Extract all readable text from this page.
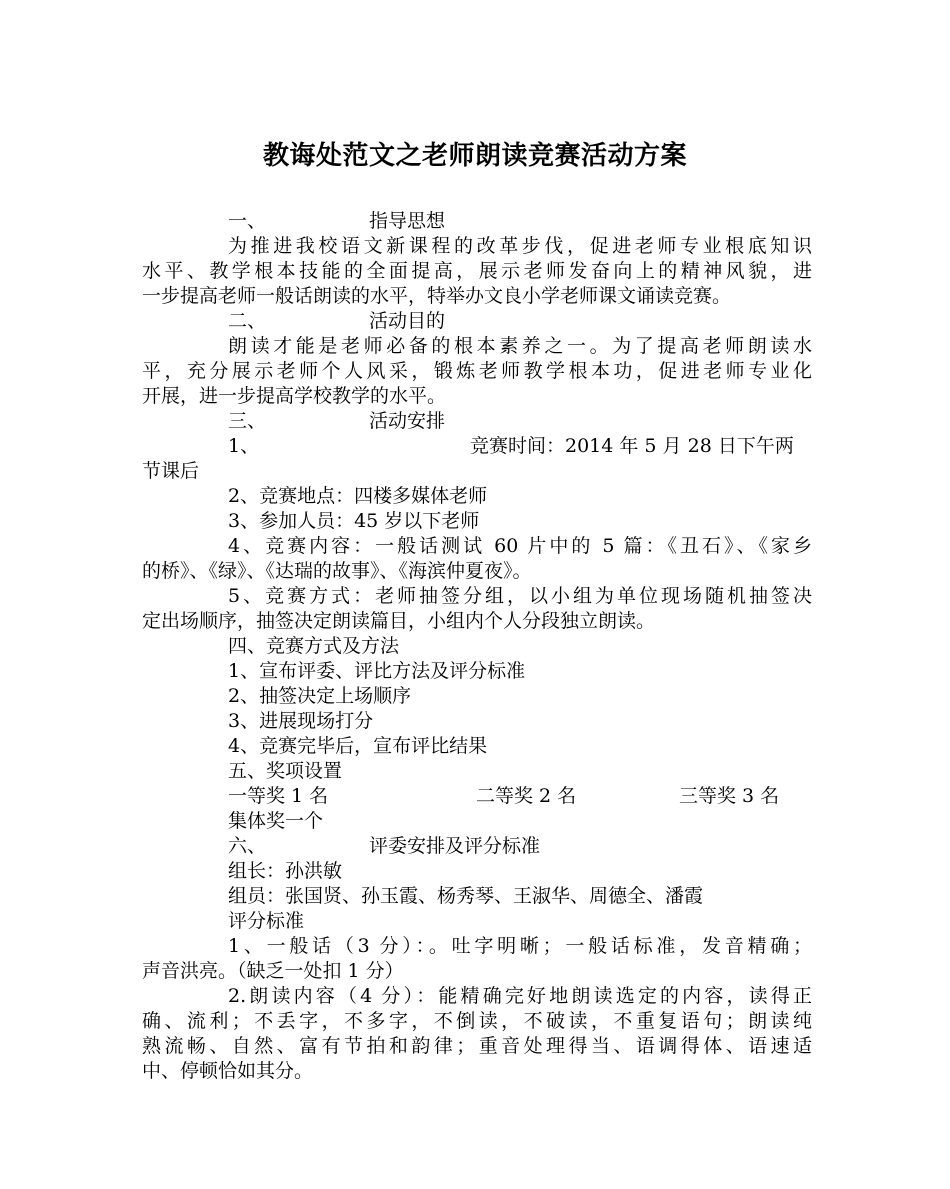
教诲处范文之老师朗读竞赛活动方案
一、	指导思想
为推进我校语文新课程的改革步伐，促进老师专业根底知识
水平、教学根本技能的全面提高，展示老师发奋向上的精神风貌，进
一步提高老师一般话朗读的水平，特举办文良小学老师课文诵读竞赛。
二、	活动目的
朗读才能是老师必备的根本素养之一。为了提高老师朗读水
平，充分展示老师个人风采，锻炼老师教学根本功，促进老师专业化
开展，进一步提高学校教学的水平。
三、	活动安排
1、	竞赛时间：2014 年 5 月 28 日下午两
节课后
2、竞赛地点：四楼多媒体老师
3、参加人员：45 岁以下老师
4、竞赛内容：一般话测试 60 片中的 5 篇：《丑石》、《家乡
的桥》、《绿》、《达瑞的故事》、《海滨仲夏夜》。
5、竞赛方式：老师抽签分组，以小组为单位现场随机抽签决
定出场顺序，抽签决定朗读篇目，小组内个人分段独立朗读。
四、竞赛方式及方法
1、宣布评委、评比方法及评分标准
2、抽签决定上场顺序
3、进展现场打分
4、竞赛完毕后，宣布评比结果
五、奖项设置
一等奖 1 名	二等奖 2 名	三等奖 3 名
集体奖一个
六、	评委安排及评分标准
组长：孙洪敏
组员：张国贤、孙玉霞、杨秀琴、王淑华、周德全、潘霞
评分标准
1、一般话（3 分）：。吐字明晰；一般话标准，发音精确；
声音洪亮。（缺乏一处扣 1 分）
2.朗读内容（4 分）：能精确完好地朗读选定的内容，读得正
确、流利；不丢字，不多字，不倒读，不破读，不重复语句；朗读纯
熟流畅、自然、富有节拍和韵律；重音处理得当、语调得体、语速适
中、停顿恰如其分。
